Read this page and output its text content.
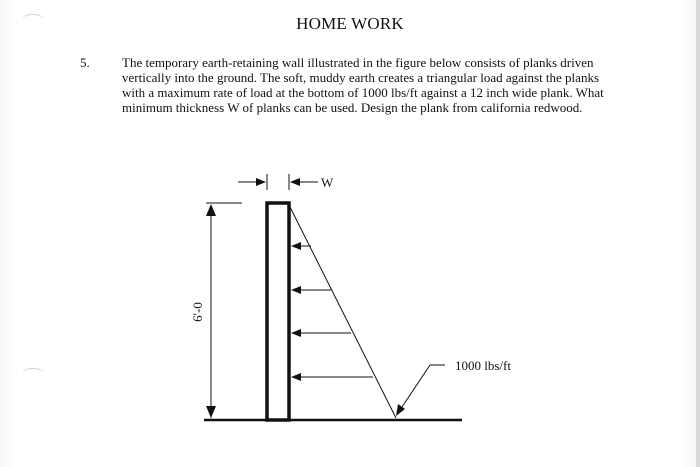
HOME WORK
5. The temporary earth-retaining wall illustrated in the figure below consists of planks driven vertically into the ground. The soft, muddy earth creates a triangular load against the planks with a maximum rate of load at the bottom of 1000 lbs/ft against a 12 inch wide plank. What minimum thickness W of planks can be used. Design the plank from california redwood.
6'-0
W
1000 lbs/ft
